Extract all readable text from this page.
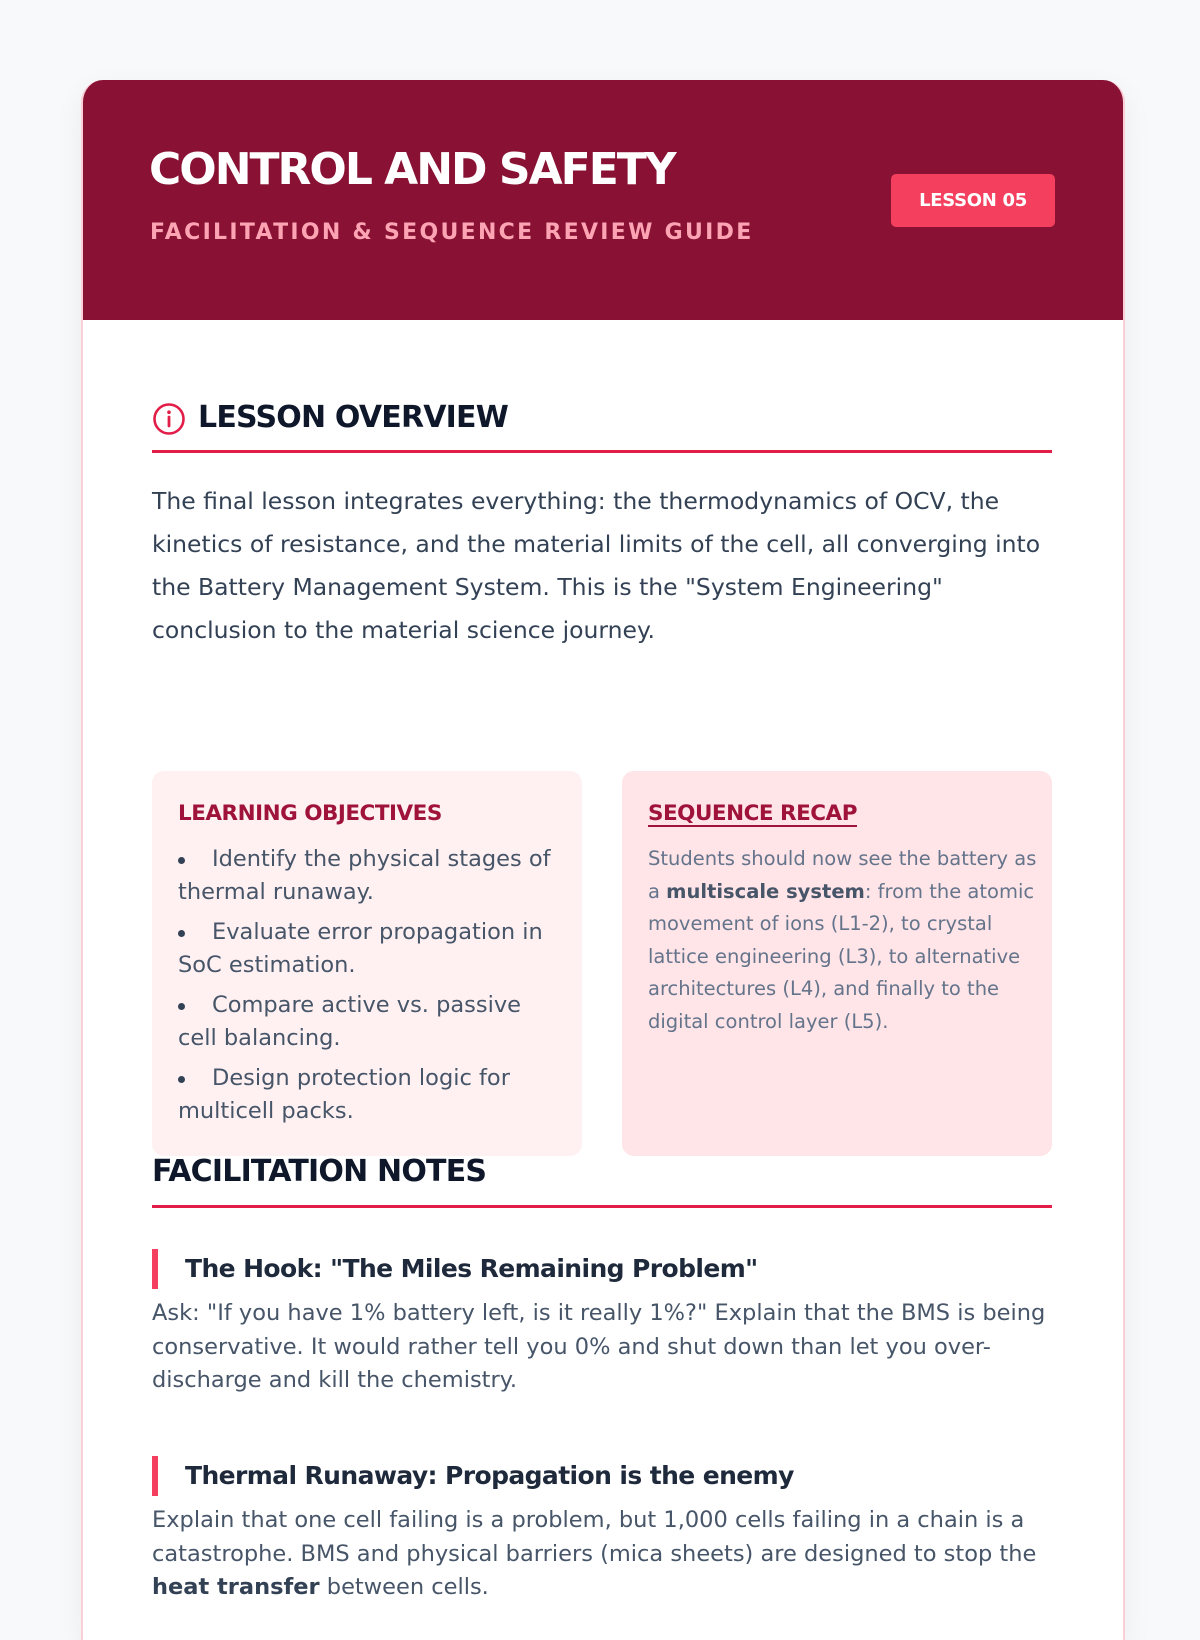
CONTROL AND SAFETY
FACILITATION & SEQUENCE REVIEW GUIDE
LESSON 05
LESSON OVERVIEW

The final lesson integrates everything: the thermodynamics of OCV, the kinetics of resistance, and the material limits of the cell, all converging into the Battery Management System. This is the "System Engineering" conclusion to the material science journey.

LEARNING OBJECTIVES
Identify the physical stages of thermal runaway.
Evaluate error propagation in SoC estimation.
Compare active vs. passive cell balancing.
Design protection logic for multicell packs.
SEQUENCE RECAP

Students should now see the battery as a multiscale system: from the atomic movement of ions (L1-2), to crystal lattice engineering (L3), to alternative architectures (L4), and finally to the digital control layer (L5).

FACILITATION NOTES
The Hook: "The Miles Remaining Problem"

Ask: "If you have 1% battery left, is it really 1%?" Explain that the BMS is being conservative. It would rather tell you 0% and shut down than let you over-discharge and kill the chemistry.

Thermal Runaway: Propagation is the enemy

Explain that one cell failing is a problem, but 1,000 cells failing in a chain is a catastrophe. BMS and physical barriers (mica sheets) are designed to stop the heat transfer between cells.
